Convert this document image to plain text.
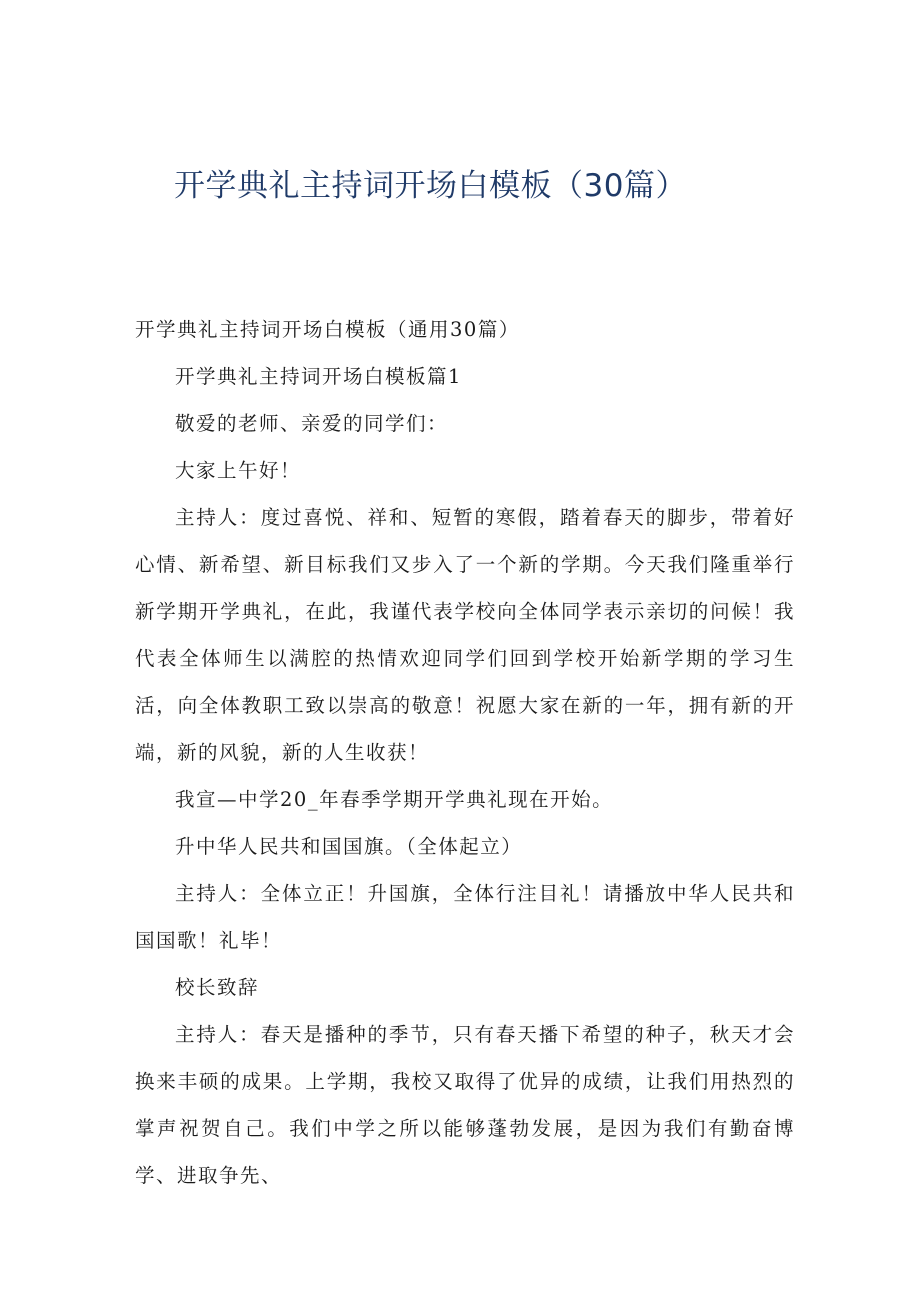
开学典礼主持词开场白模板（30篇）

开学典礼主持词开场白模板（通用30篇）

开学典礼主持词开场白模板篇1

敬爱的老师、亲爱的同学们：

大家上午好！

主持人：度过喜悦、祥和、短暂的寒假，踏着春天的脚步，带着好心情、新希望、新目标我们又步入了一个新的学期。今天我们隆重举行新学期开学典礼，在此，我谨代表学校向全体同学表示亲切的问候！我代表全体师生以满腔的热情欢迎同学们回到学校开始新学期的学习生活，向全体教职工致以崇高的敬意！祝愿大家在新的一年，拥有新的开端，新的风貌，新的人生收获！

我宣—中学20_年春季学期开学典礼现在开始。

升中华人民共和国国旗。（全体起立）

主持人：全体立正！升国旗，全体行注目礼！请播放中华人民共和国国歌！礼毕！

校长致辞

主持人：春天是播种的季节，只有春天播下希望的种子，秋天才会换来丰硕的成果。上学期，我校又取得了优异的成绩，让我们用热烈的掌声祝贺自己。我们中学之所以能够蓬勃发展，是因为我们有勤奋博学、进取争先、
